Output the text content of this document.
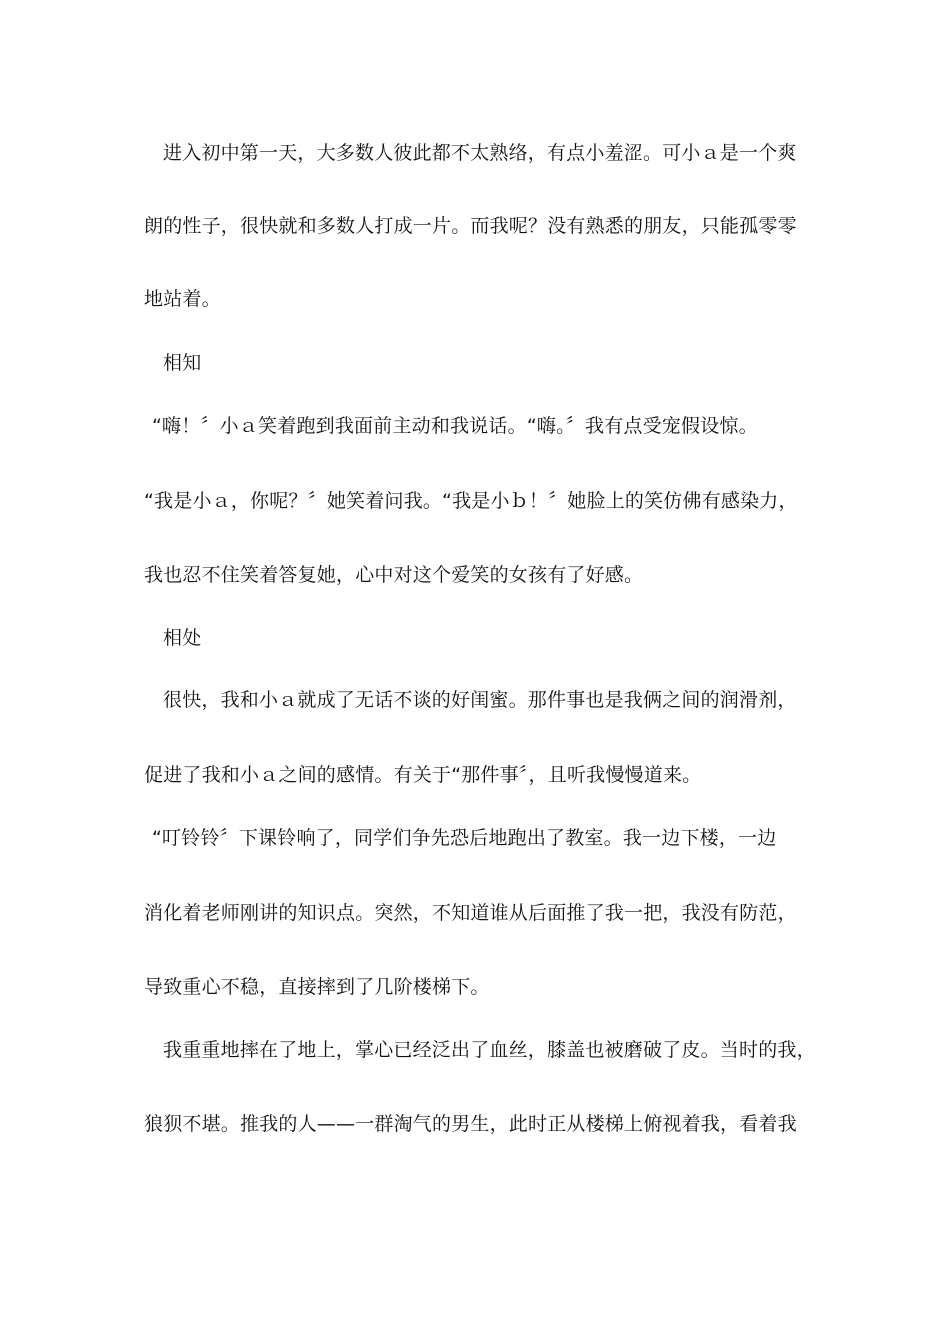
进入初中第一天，大多数人彼此都不太熟络，有点小羞涩。可小ａ是一个爽
朗的性子，很快就和多数人打成一片。而我呢？没有熟悉的朋友，只能孤零零
地站着。
相知
“嗨！〞小ａ笑着跑到我面前主动和我说话。“嗨。〞我有点受宠假设惊。
“我是小ａ，你呢？〞她笑着问我。“我是小ｂ！〞她脸上的笑仿佛有感染力，
我也忍不住笑着答复她，心中对这个爱笑的女孩有了好感。
相处
很快，我和小ａ就成了无话不谈的好闺蜜。那件事也是我俩之间的润滑剂，
促进了我和小ａ之间的感情。有关于“那件事〞，且听我慢慢道来。
“叮铃铃〞下课铃响了，同学们争先恐后地跑出了教室。我一边下楼，一边
消化着老师刚讲的知识点。突然，不知道谁从后面推了我一把，我没有防范，
导致重心不稳，直接摔到了几阶楼梯下。
我重重地摔在了地上，掌心已经泛出了血丝，膝盖也被磨破了皮。当时的我，
狼狈不堪。推我的人——一群淘气的男生，此时正从楼梯上俯视着我，看着我
